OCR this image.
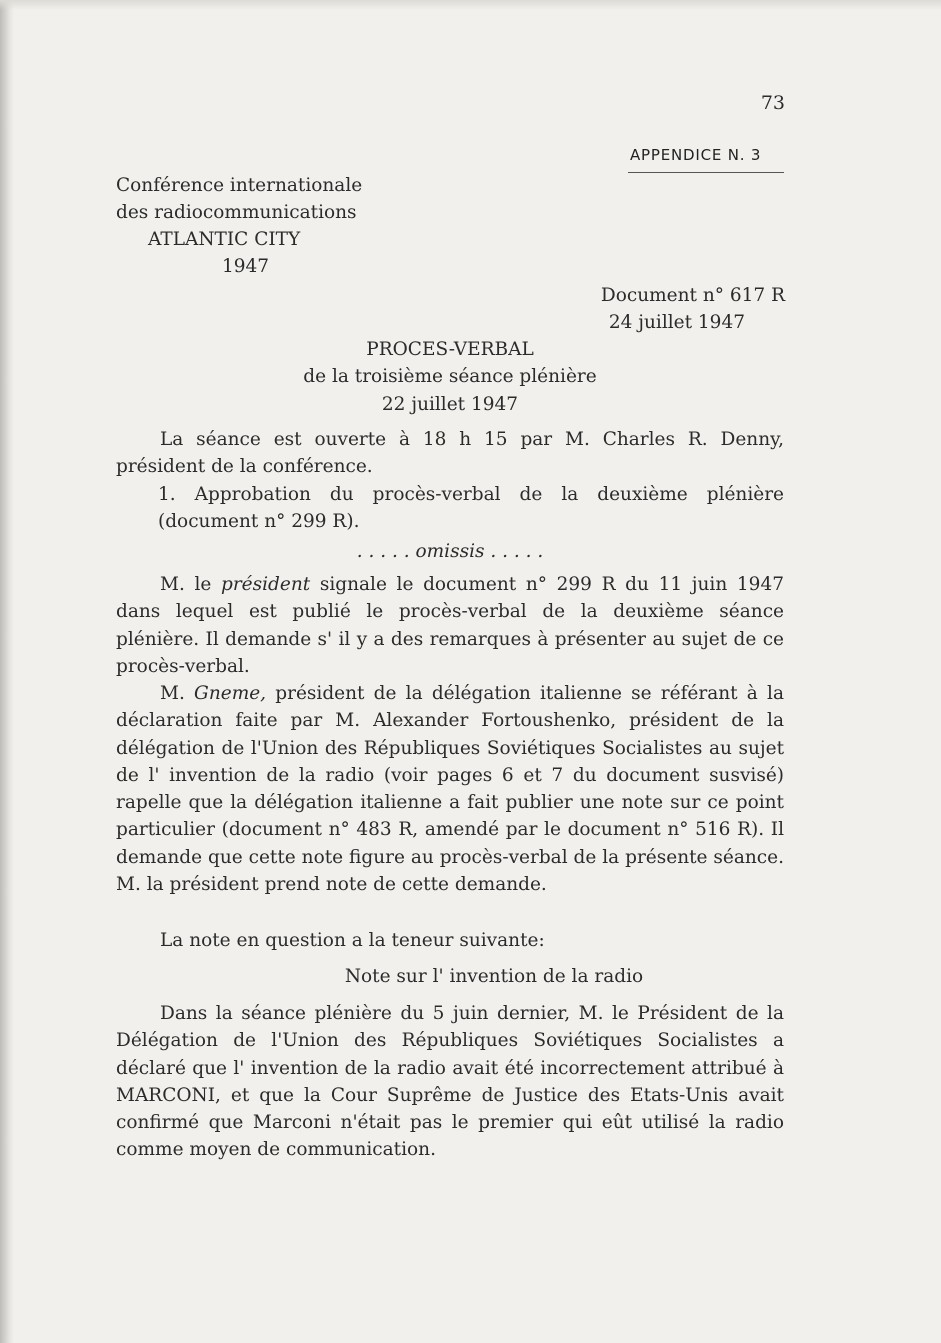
73
APPENDICE N. 3
Conférence internationale
des radiocommunications
ATLANTIC CITY
1947
Document n° 617 R
24 juillet 1947
PROCES-VERBAL
de la troisième séance plénière
22 juillet 1947
La séance est ouverte à 18 h 15 par M. Charles R. Denny, président de la conférence.
1. Approbation du procès-verbal de la deuxième plénière (document n° 299 R).
. . . . . omissis . . . . .
M. le président signale le document n° 299 R du 11 juin 1947 dans lequel est publié le procès-verbal de la deuxième séance plénière. Il demande s' il y a des remarques à présenter au sujet de ce procès-verbal.
M. Gneme, président de la délégation italienne se référant à la déclaration faite par M. Alexander Fortoushenko, président de la délégation de l'Union des Républiques Soviétiques Socialistes au sujet de l' invention de la radio (voir pages 6 et 7 du document susvisé) rapelle que la délégation italienne a fait publier une note sur ce point particulier (document n° 483 R, amendé par le document n° 516 R). Il demande que cette note figure au procès-verbal de la présente séance. M. la président prend note de cette demande.
La note en question a la teneur suivante:
Note sur l' invention de la radio
Dans la séance plénière du 5 juin dernier, M. le Président de la Délégation de l'Union des Républiques Soviétiques Socialistes a déclaré que l' invention de la radio avait été incorrectement attribué à MARCONI, et que la Cour Suprême de Justice des Etats-Unis avait confirmé que Marconi n'était pas le premier qui eût utilisé la radio comme moyen de communication.
